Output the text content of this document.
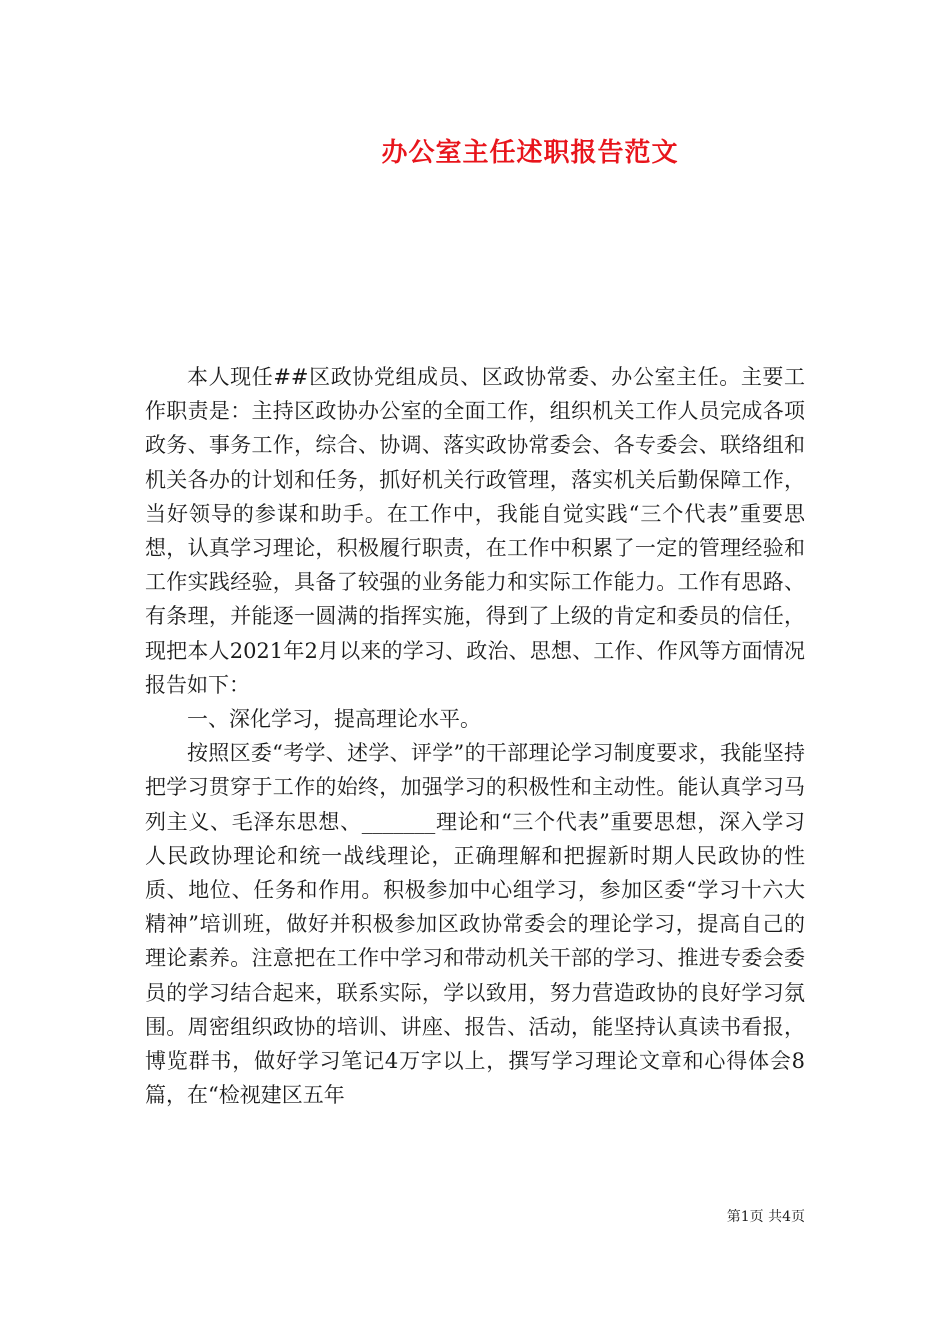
办公室主任述职报告范文

本人现任##区政协党组成员、区政协常委、办公室主任。主要工作职责是：主持区政协办公室的全面工作，组织机关工作人员完成各项政务、事务工作，综合、协调、落实政协常委会、各专委会、联络组和机关各办的计划和任务，抓好机关行政管理，落实机关后勤保障工作，当好领导的参谋和助手。在工作中，我能自觉实践“三个代表”重要思想，认真学习理论，积极履行职责，在工作中积累了一定的管理经验和工作实践经验，具备了较强的业务能力和实际工作能力。工作有思路、有条理，并能逐一圆满的指挥实施，得到了上级的肯定和委员的信任，现把本人2021年2月以来的学习、政治、思想、工作、作风等方面情况报告如下：

一、深化学习，提高理论水平。

按照区委“考学、述学、评学”的干部理论学习制度要求，我能坚持把学习贯穿于工作的始终，加强学习的积极性和主动性。能认真学习马列主义、毛泽东思想、_______理论和“三个代表”重要思想，深入学习人民政协理论和统一战线理论，正确理解和把握新时期人民政协的性质、地位、任务和作用。积极参加中心组学习，参加区委“学习十六大精神”培训班，做好并积极参加区政协常委会的理论学习，提高自己的理论素养。注意把在工作中学习和带动机关干部的学习、推进专委会委员的学习结合起来，联系实际，学以致用，努力营造政协的良好学习氛围。周密组织政协的培训、讲座、报告、活动，能坚持认真读书看报，博览群书，做好学习笔记4万字以上，撰写学习理论文章和心得体会8篇，在“检视建区五年

第1页 共4页
